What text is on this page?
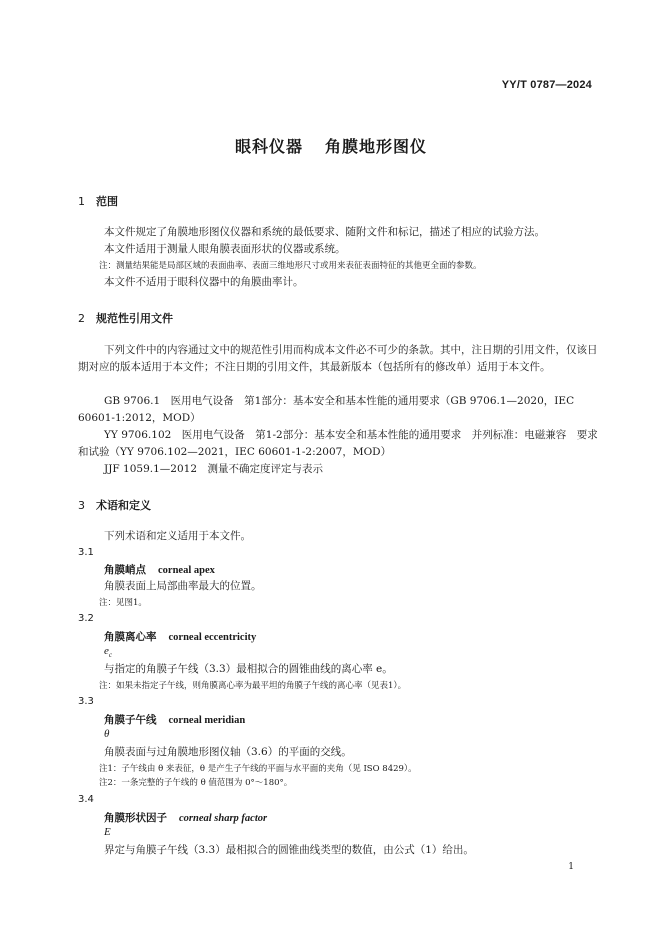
YY/T 0787—2024
眼科仪器 角膜地形图仪
1 范围
本文件规定了角膜地形图仪仪器和系统的最低要求、随附文件和标记，描述了相应的试验方法。
本文件适用于测量人眼角膜表面形状的仪器或系统。
注：测量结果能是局部区域的表面曲率、表面三维地形尺寸或用来表征表面特征的其他更全面的参数。
本文件不适用于眼科仪器中的角膜曲率计。
2 规范性引用文件
下列文件中的内容通过文中的规范性引用而构成本文件必不可少的条款。其中，注日期的引用文件，仅该日期对应的版本适用于本文件；不注日期的引用文件，其最新版本（包括所有的修改单）适用于本文件。
GB 9706.1　医用电气设备　第1部分：基本安全和基本性能的通用要求（GB 9706.1—2020，IEC 60601-1:2012，MOD）
YY 9706.102　医用电气设备　第1-2部分：基本安全和基本性能的通用要求　并列标准：电磁兼容　要求和试验（YY 9706.102—2021，IEC 60601-1-2:2007，MOD）
JJF 1059.1—2012　测量不确定度评定与表示
3 术语和定义
下列术语和定义适用于本文件。
3.1
角膜峭点 corneal apex
角膜表面上局部曲率最大的位置。
注：见图1。
3.2
角膜离心率 corneal eccentricity
$e_c$
与指定的角膜子午线（3.3）最相拟合的圆锥曲线的离心率 e。
注：如果未指定子午线，则角膜离心率为最平坦的角膜子午线的离心率（见表1）。
3.3
角膜子午线 corneal meridian
θ
角膜表面与过角膜地形图仪轴（3.6）的平面的交线。
注1：子午线由 θ 来表征，θ 是产生子午线的平面与水平面的夹角（见 ISO 8429）。
注2：一条完整的子午线的 θ 值范围为 0°～180°。
3.4
角膜形状因子 corneal sharp factor
E
界定与角膜子午线（3.3）最相拟合的圆锥曲线类型的数值，由公式（1）给出。
1
